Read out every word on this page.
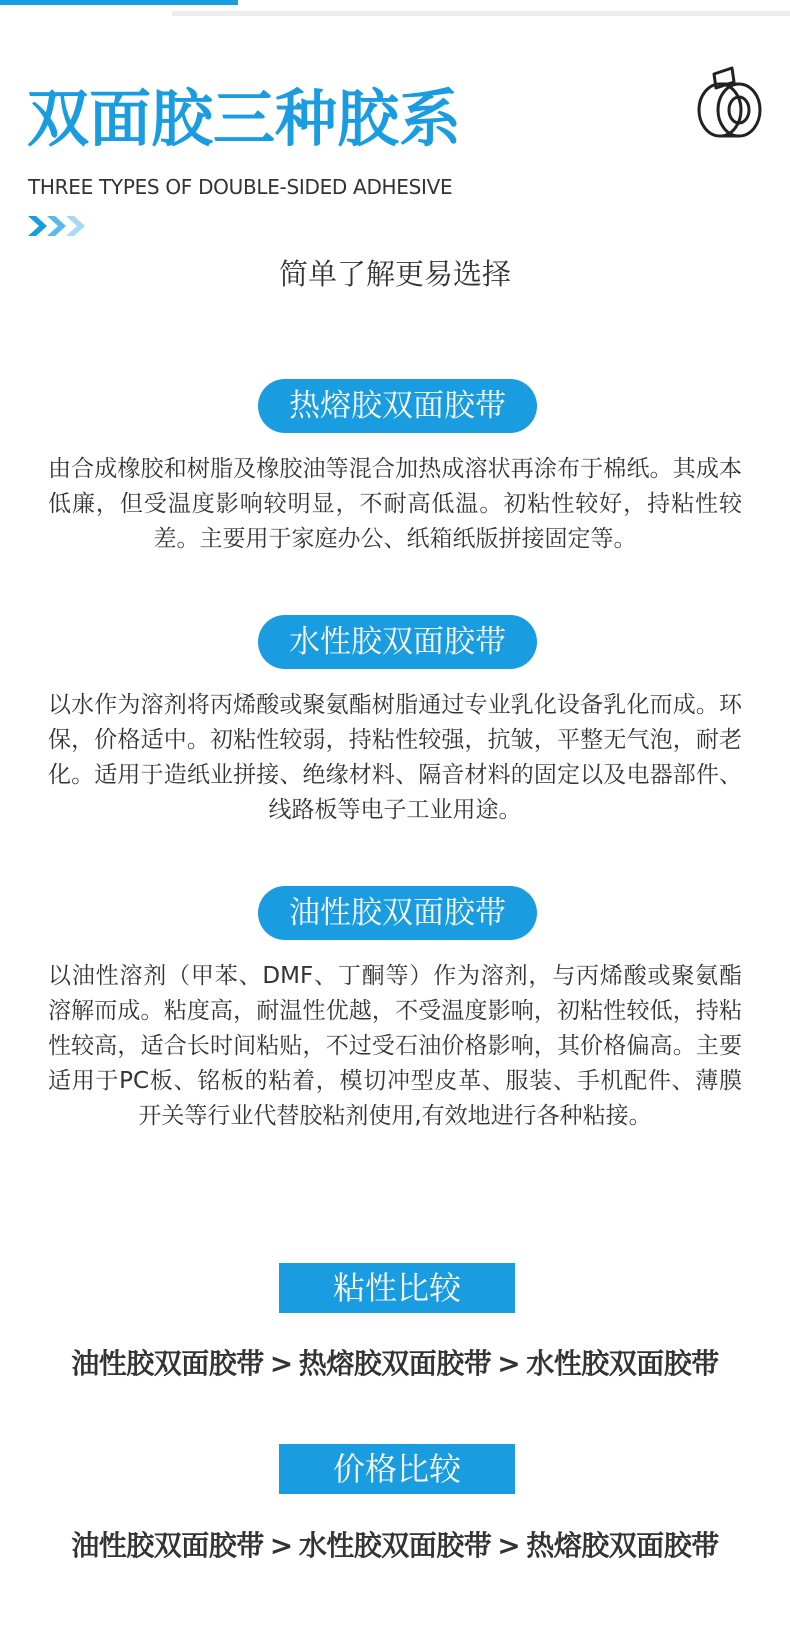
双面胶三种胶系
THREE TYPES OF DOUBLE-SIDED ADHESIVE
简单了解更易选择
热熔胶双面胶带

由合成橡胶和树脂及橡胶油等混合加热成溶状再涂布于棉纸。其成本低廉，但受温度影响较明显，不耐高低温。初粘性较好，持粘性较差。主要用于家庭办公、纸箱纸版拼接固定等。

水性胶双面胶带

以水作为溶剂将丙烯酸或聚氨酯树脂通过专业乳化设备乳化而成。环保，价格适中。初粘性较弱，持粘性较强，抗皱，平整无气泡，耐老化。适用于造纸业拼接、绝缘材料、隔音材料的固定以及电器部件、线路板等电子工业用途。

油性胶双面胶带

以油性溶剂（甲苯、DMF、丁酮等）作为溶剂，与丙烯酸或聚氨酯溶解而成。粘度高，耐温性优越，不受温度影响，初粘性较低，持粘性较高，适合长时间粘贴，不过受石油价格影响，其价格偏高。主要适用于PC板、铭板的粘着，模切冲型皮革、服装、手机配件、薄膜开关等行业代替胶粘剂使用,有效地进行各种粘接。

粘性比较
油性胶双面胶带 > 热熔胶双面胶带 > 水性胶双面胶带
价格比较
油性胶双面胶带 > 水性胶双面胶带 > 热熔胶双面胶带
